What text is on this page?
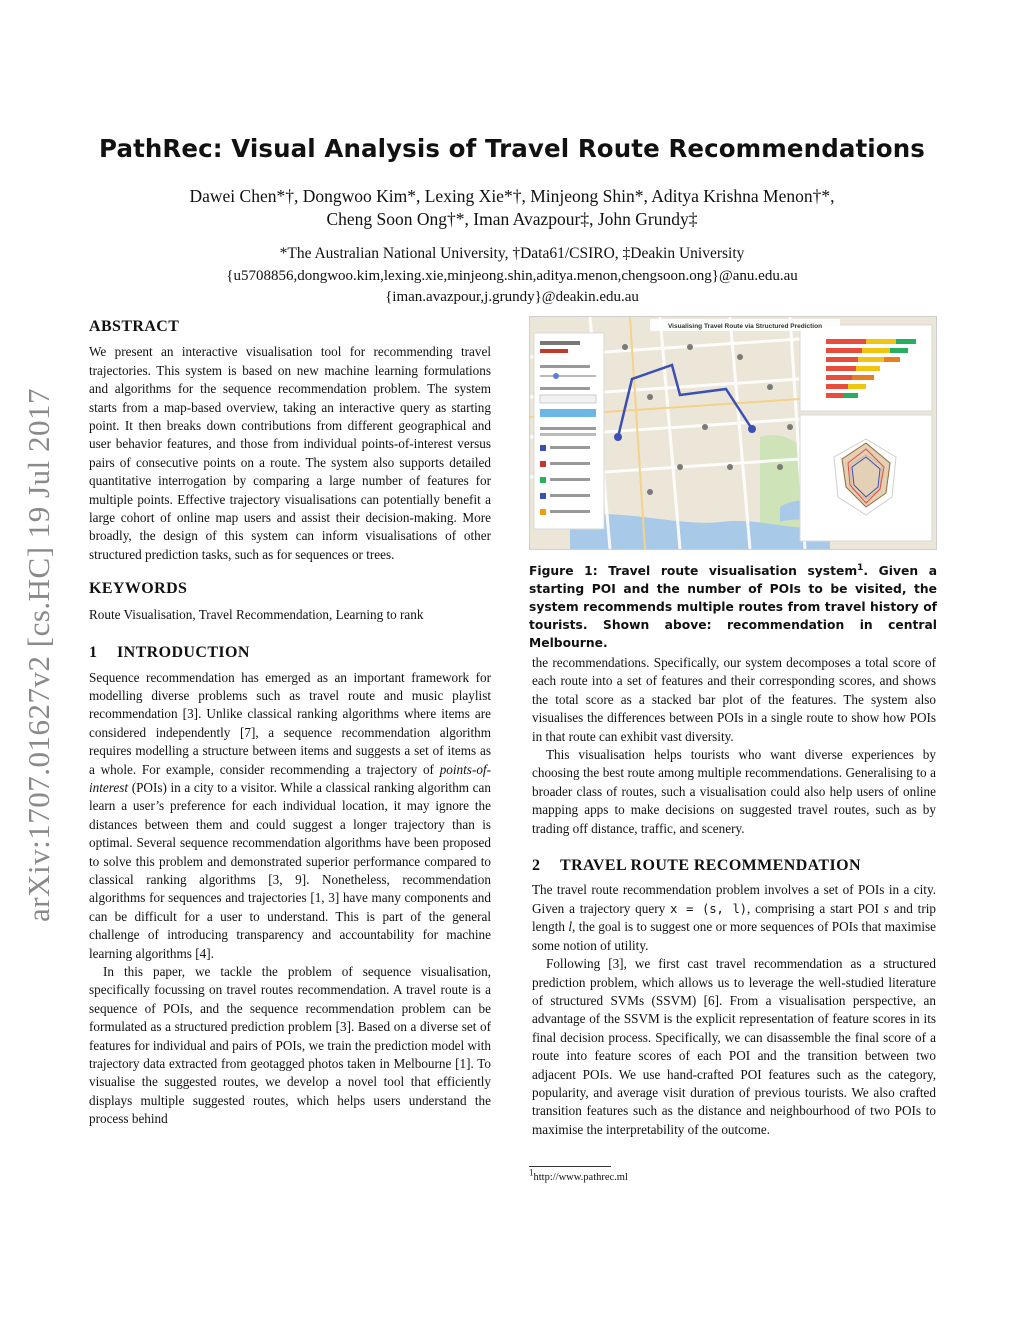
arXiv:1707.01627v2 [cs.HC] 19 Jul 2017
PathRec: Visual Analysis of Travel Route Recommendations
Dawei Chen*†, Dongwoo Kim*, Lexing Xie*†, Minjeong Shin*, Aditya Krishna Menon†*,
Cheng Soon Ong†*, Iman Avazpour‡, John Grundy‡
*The Australian National University, †Data61/CSIRO, ‡Deakin University
{u5708856,dongwoo.kim,lexing.xie,minjeong.shin,aditya.menon,chengsoon.ong}@anu.edu.au
{iman.avazpour,j.grundy}@deakin.edu.au
ABSTRACT

We present an interactive visualisation tool for recommending travel trajectories. This system is based on new machine learning formulations and algorithms for the sequence recommendation problem. The system starts from a map-based overview, taking an interactive query as starting point. It then breaks down contributions from different geographical and user behavior features, and those from individual points-of-interest versus pairs of consecutive points on a route. The system also supports detailed quantitative interrogation by comparing a large number of features for multiple points. Effective trajectory visualisations can potentially benefit a large cohort of online map users and assist their decision-making. More broadly, the design of this system can inform visualisations of other structured prediction tasks, such as for sequences or trees.

KEYWORDS

Route Visualisation, Travel Recommendation, Learning to rank

1 INTRODUCTION

Sequence recommendation has emerged as an important framework for modelling diverse problems such as travel route and music playlist recommendation [3]. Unlike classical ranking algorithms where items are considered independently [7], a sequence recommendation algorithm requires modelling a structure between items and suggests a set of items as a whole. For example, consider recommending a trajectory of points-of-interest (POIs) in a city to a visitor. While a classical ranking algorithm can learn a user’s preference for each individual location, it may ignore the distances between them and could suggest a longer trajectory than is optimal. Several sequence recommendation algorithms have been proposed to solve this problem and demonstrated superior performance compared to classical ranking algorithms [3, 9]. Nonetheless, recommendation algorithms for sequences and trajectories [1, 3] have many components and can be difficult for a user to understand. This is part of the general challenge of introducing transparency and accountability for machine learning algorithms [4].

In this paper, we tackle the problem of sequence visualisation, specifically focussing on travel routes recommendation. A travel route is a sequence of POIs, and the sequence recommendation problem can be formulated as a structured prediction problem [3]. Based on a diverse set of features for individual and pairs of POIs, we train the prediction model with trajectory data extracted from geotagged photos taken in Melbourne [1]. To visualise the suggested routes, we develop a novel tool that efficiently displays multiple suggested routes, which helps users understand the process behind

Visualising Travel Route via Structured Prediction
Figure 1: Travel route visualisation system$^1$. Given a starting POI and the number of POIs to be visited, the system recommends multiple routes from travel history of tourists. Shown above: recommendation in central Melbourne.

the recommendations. Specifically, our system decomposes a total score of each route into a set of features and their corresponding scores, and shows the total score as a stacked bar plot of the features. The system also visualises the differences between POIs in a single route to show how POIs in that route can exhibit vast diversity.

This visualisation helps tourists who want diverse experiences by choosing the best route among multiple recommendations. Generalising to a broader class of routes, such a visualisation could also help users of online mapping apps to make decisions on suggested travel routes, such as by trading off distance, traffic, and scenery.

2 TRAVEL ROUTE RECOMMENDATION

The travel route recommendation problem involves a set of POIs in a city. Given a trajectory query x = (s, l), comprising a start POI s and trip length l, the goal is to suggest one or more sequences of POIs that maximise some notion of utility.

Following [3], we first cast travel recommendation as a structured prediction problem, which allows us to leverage the well-studied literature of structured SVMs (SSVM) [6]. From a visualisation perspective, an advantage of the SSVM is the explicit representation of feature scores in its final decision process. Specifically, we can disassemble the final score of a route into feature scores of each POI and the transition between two adjacent POIs. We use hand-crafted POI features such as the category, popularity, and average visit duration of previous tourists. We also crafted transition features such as the distance and neighbourhood of two POIs to maximise the interpretability of the outcome.

$^1$http://www.pathrec.ml
